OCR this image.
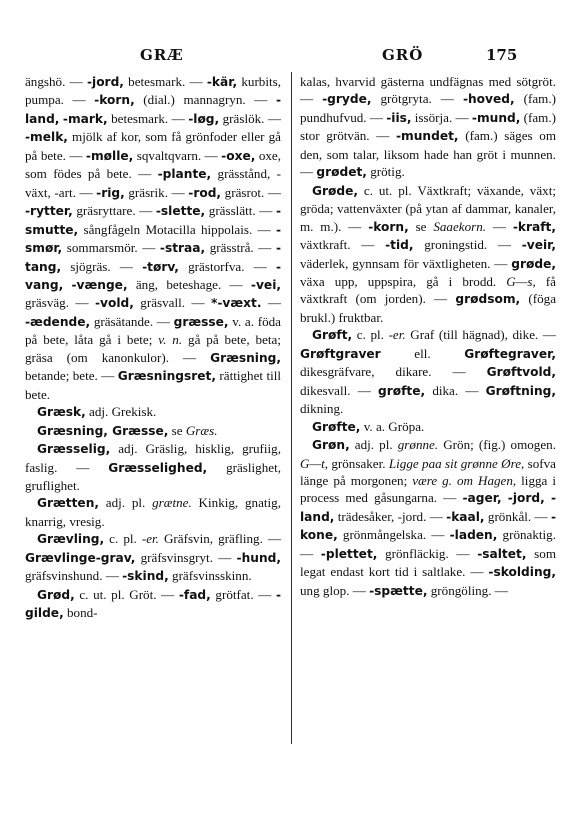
GRÆ	GRÖ	175

ängshö. — -jord, betesmark. — -kär, kurbits, pumpa. — -korn, (dial.) mannagryn. — -land, -mark, betesmark. — -løg, gräslök. — -melk, mjölk af kor, som få grönfoder eller gå på bete. — -mølle, sqvaltqvarn. — -oxe, oxe, som födes på bete. — -plante, grässtånd, -växt, -art. — -rig, gräsrik. — -rod, gräsrot. — -rytter, gräsryttare. — -slette, grässlätt. — -smutte, sångfågeln Motacilla hippolais. — -smør, sommarsmör. — -straa, grässtrå. — -tang, sjögräs. — -tørv, grästorfva. — -vang, -vænge, äng, beteshage. — -vei, gräsväg. — -vold, gräsvall. — *-væxt. — -ædende, gräsätande. — græsse, v. a. föda på bete, låta gå i bete; v. n. gå på bete, beta; gräsa (om kanonkulor). — Græsning, betande; bete. — Græsningsret, rättighet till bete.

Græsk, adj. Grekisk.

Græsning, Græsse, se Græs.

Græsselig, adj. Gräslig, hisklig, grufiig, faslig. — Græsselighed, gräslighet, gruflighet.

Grætten, adj. pl. grætne. Kinkig, gnatig, knarrig, vresig.

Grævling, c. pl. -er. Gräfsvin, gräfling. — Grævlinge-grav, gräfsvinsgryt. — -hund, gräfsvinshund. — -skind, gräfsvinsskinn.

Grød, c. ut. pl. Gröt. — -fad, grötfat. — -gilde, bond-

kalas, hvarvid gästerna undfägnas med sötgröt. — -gryde, grötgryta. — -hoved, (fam.) pundhufvud. — -iis, issörja. — -mund, (fam.) stor grötvän. — -mundet, (fam.) säges om den, som talar, liksom hade han gröt i munnen. — grødet, grötig.

Grøde, c. ut. pl. Växtkraft; växande, växt; gröda; vattenväxter (på ytan af dammar, kanaler, m. m.). — -korn, se Saaekorn. — -kraft, växtkraft. — -tid, groningstid. — -veir, väderlek, gynnsam för växtligheten. — grøde, växa upp, uppspira, gå i brodd. G—s, få växtkraft (om jorden). — grødsom, (föga brukl.) fruktbar.

Grøft, c. pl. -er. Graf (till hägnad), dike. — Grøftgraver ell. Grøftegraver, dikesgräfvare, dikare. — Grøftvold, dikesvall. — grøfte, dika. — Grøftning, dikning.

Grøfte, v. a. Gröpa.

Grøn, adj. pl. grønne. Grön; (fig.) omogen. G—t, grönsaker. Ligge paa sit grønne Øre, sofva länge på morgonen; være g. om Hagen, ligga i process med gåsungarna. — -ager, -jord, -land, trädesåker, -jord. — -kaal, grönkål. — -kone, grönmångelska. — -laden, grönaktig. — -plettet, grönfläckig. — -saltet, som legat endast kort tid i saltlake. — -skolding, ung glop. — -spætte, gröngöling. —
